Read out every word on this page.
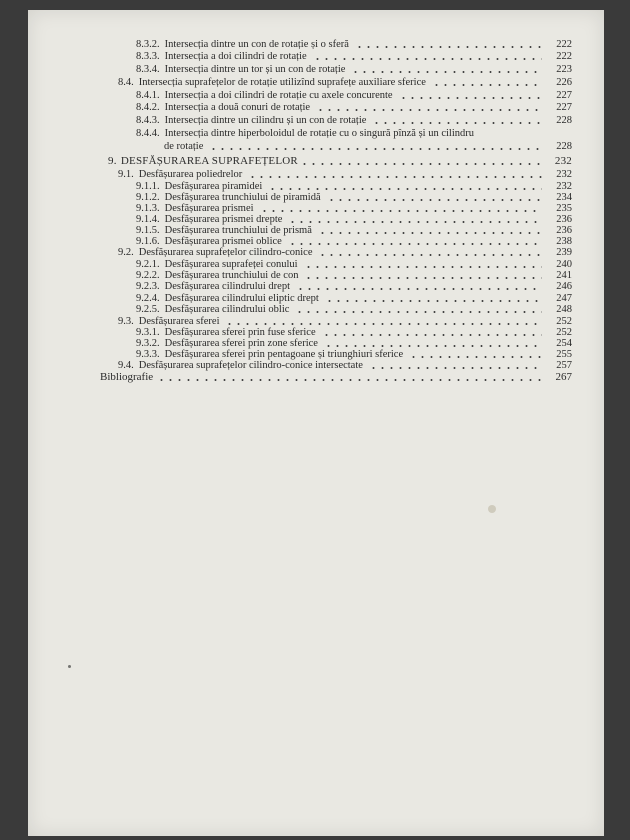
8.3.2. Intersecția dintre un con de rotație și o sferă	222
8.3.3. Intersecția a doi cilindri de rotație	222
8.3.4. Intersecția dintre un tor și un con de rotație	223
8.4. Intersecția suprafețelor de rotație utilizînd suprafețe auxiliare sferice	226
8.4.1. Intersecția a doi cilindri de rotație cu axele concurente	227
8.4.2. Intersecția a două conuri de rotație	227
8.4.3. Intersecția dintre un cilindru și un con de rotație	228
8.4.4. Intersecția dintre hiperboloidul de rotație cu o singură pînză și un cilindru
de rotație	228
9. DESFĂȘURAREA SUPRAFEȚELOR	232
9.1. Desfășurarea poliedrelor	232
9.1.1. Desfășurarea piramidei	232
9.1.2. Desfășurarea trunchiului de piramidă	234
9.1.3. Desfășurarea prismei	235
9.1.4. Desfășurarea prismei drepte	236
9.1.5. Desfășurarea trunchiului de prismă	236
9.1.6. Desfășurarea prismei oblice	238
9.2. Desfășurarea suprafețelor cilindro-conice	239
9.2.1. Desfășurarea suprafeței conului	240
9.2.2. Desfășurarea trunchiului de con	241
9.2.3. Desfășurarea cilindrului drept	246
9.2.4. Desfășurarea cilindrului eliptic drept	247
9.2.5. Desfășurarea cilindrului oblic	248
9.3. Desfășurarea sferei	252
9.3.1. Desfășurarea sferei prin fuse sferice	252
9.3.2. Desfășurarea sferei prin zone sferice	254
9.3.3. Desfășurarea sferei prin pentagoane și triunghiuri sferice	255
9.4. Desfășurarea suprafețelor cilindro-conice intersectate	257
Bibliografie	267
